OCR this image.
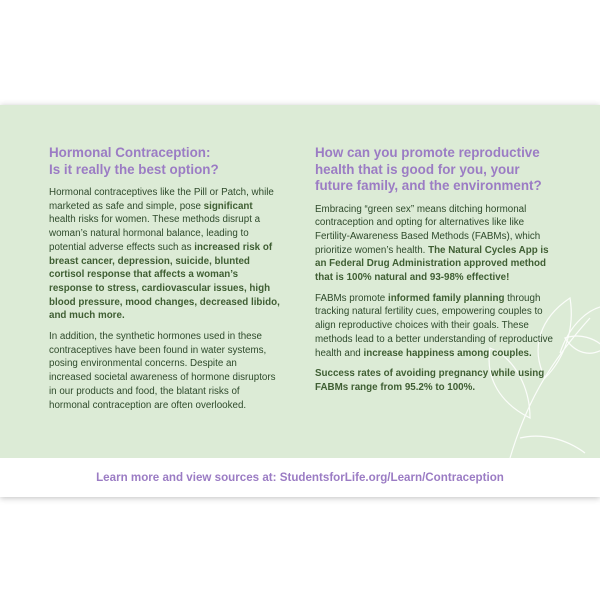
Hormonal Contraception:
Is it really the best option?

Hormonal contraceptives like the Pill or Patch, while marketed as safe and simple, pose significant health risks for women. These methods disrupt a woman’s natural hormonal balance, leading to potential adverse effects such as increased risk of breast cancer, depression, suicide, blunted cortisol response that affects a woman’s response to stress, cardiovascular issues, high blood pressure, mood changes, decreased libido, and much more.

In addition, the synthetic hormones used in these contraceptives have been found in water systems, posing environmental concerns. Despite an increased societal awareness of hormone disruptors in our products and food, the blatant risks of hormonal contraception are often overlooked.

How can you promote reproductive health that is good for you, your future family, and the environment?

Embracing “green sex” means ditching hormonal contraception and opting for alternatives like like Fertility-Awareness Based Methods (FABMs), which prioritize women’s health. The Natural Cycles App is an Federal Drug Administration approved method that is 100% natural and 93-98% effective!

FABMs promote informed family planning through tracking natural fertility cues, empowering couples to align reproductive choices with their goals. These methods lead to a better understanding of reproductive health and increase happiness among couples.

Success rates of avoiding pregnancy while using FABMs range from 95.2% to 100%.

Learn more and view sources at: StudentsforLife.org/Learn/Contraception
